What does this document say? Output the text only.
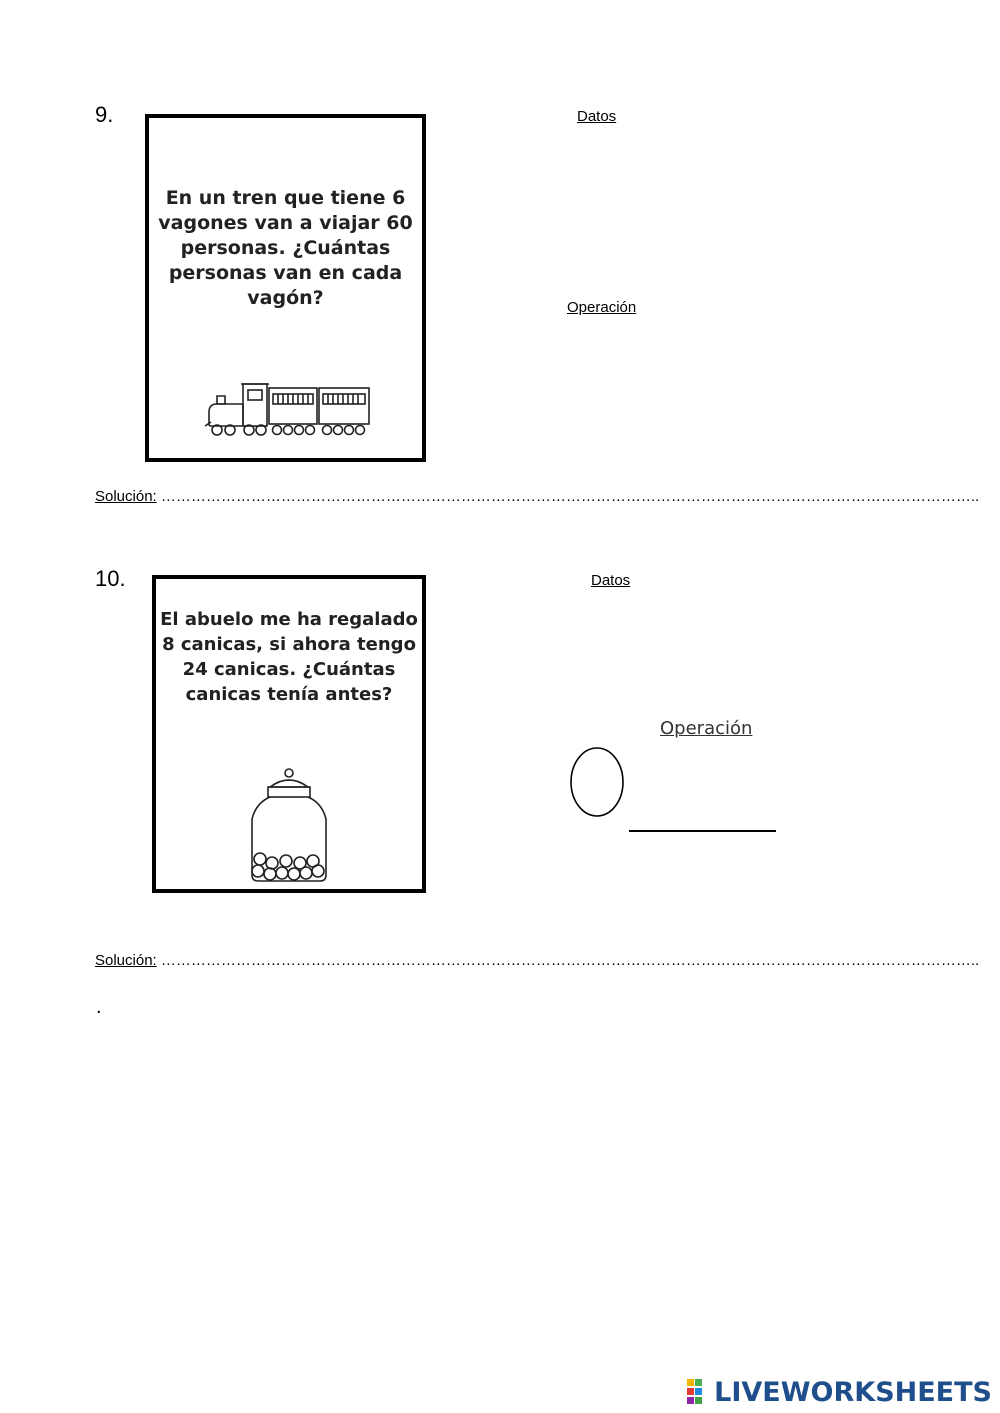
9.
En un tren que tiene 6
vagones van a viajar 60
personas. ¿Cuántas
personas van en cada
vagón?
Datos
Operación
Solución: ………………………………………………………………………………………………………………………………………………..
10.
El abuelo me ha regalado
8 canicas, si ahora tengo
24 canicas. ¿Cuántas
canicas tenía antes?
Datos
Operación
Solución: ………………………………………………………………………………………………………………………………………………..
.
LIVEWORKSHEETS
